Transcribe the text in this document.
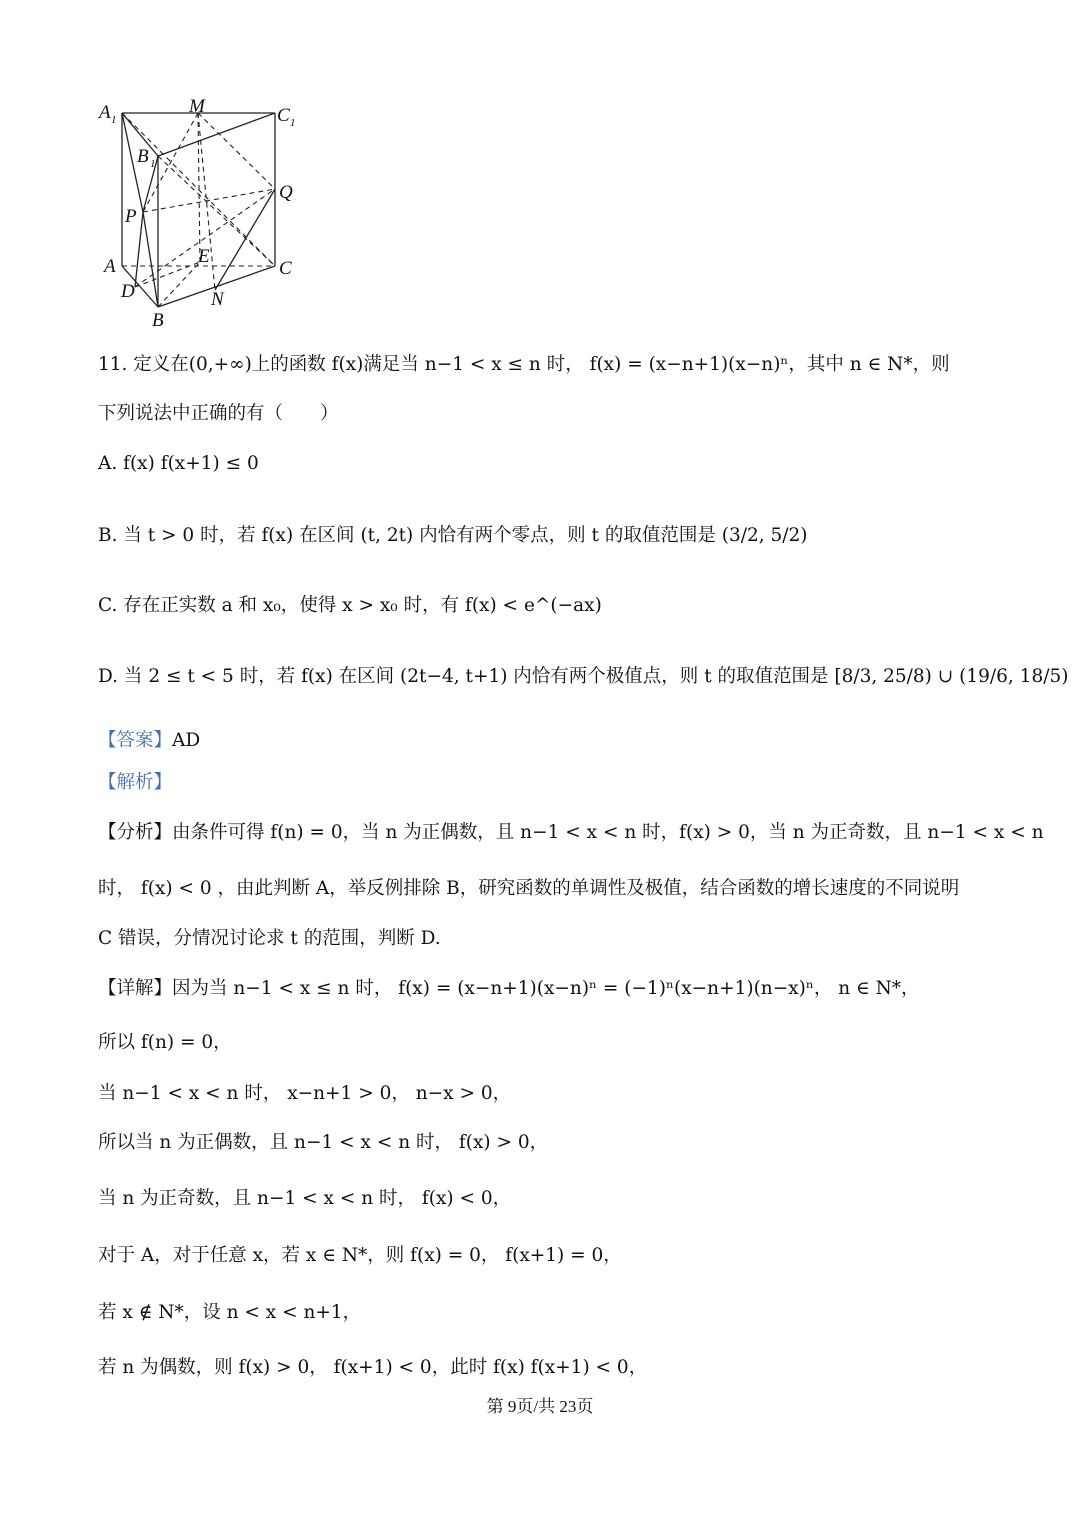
A 1
M	C 1
B 1
Q
P
A	E
C
D	N
B
11. 定义在(0,+∞)上的函数 f(x)满足当 n−1 < x ≤ n 时， f(x) = (x−n+1)(x−n)ⁿ，其中 n ∈ N*，则
下列说法中正确的有（　　）
A. f(x) f(x+1) ≤ 0
B. 当 t > 0 时，若 f(x) 在区间 (t, 2t) 内恰有两个零点，则 t 的取值范围是 (3/2, 5/2)
C. 存在正实数 a 和 x₀，使得 x > x₀ 时，有 f(x) < e^(−ax)
D. 当 2 ≤ t < 5 时，若 f(x) 在区间 (2t−4, t+1) 内恰有两个极值点，则 t 的取值范围是 [8/3, 25/8) ∪ (19/6, 18/5)
【答案】AD
【解析】
【分析】由条件可得 f(n) = 0，当 n 为正偶数，且 n−1 < x < n 时，f(x) > 0，当 n 为正奇数，且 n−1 < x < n
时， f(x) < 0 ，由此判断 A，举反例排除 B，研究函数的单调性及极值，结合函数的增长速度的不同说明
C 错误，分情况讨论求 t 的范围，判断 D.
【详解】因为当 n−1 < x ≤ n 时， f(x) = (x−n+1)(x−n)ⁿ = (−1)ⁿ(x−n+1)(n−x)ⁿ， n ∈ N*，
所以 f(n) = 0，
当 n−1 < x < n 时， x−n+1 > 0， n−x > 0，
所以当 n 为正偶数，且 n−1 < x < n 时， f(x) > 0，
当 n 为正奇数，且 n−1 < x < n 时， f(x) < 0，
对于 A，对于任意 x，若 x ∈ N*，则 f(x) = 0， f(x+1) = 0，
若 x ∉ N*，设 n < x < n+1，
若 n 为偶数，则 f(x) > 0， f(x+1) < 0，此时 f(x) f(x+1) < 0，
第 9页/共 23页
